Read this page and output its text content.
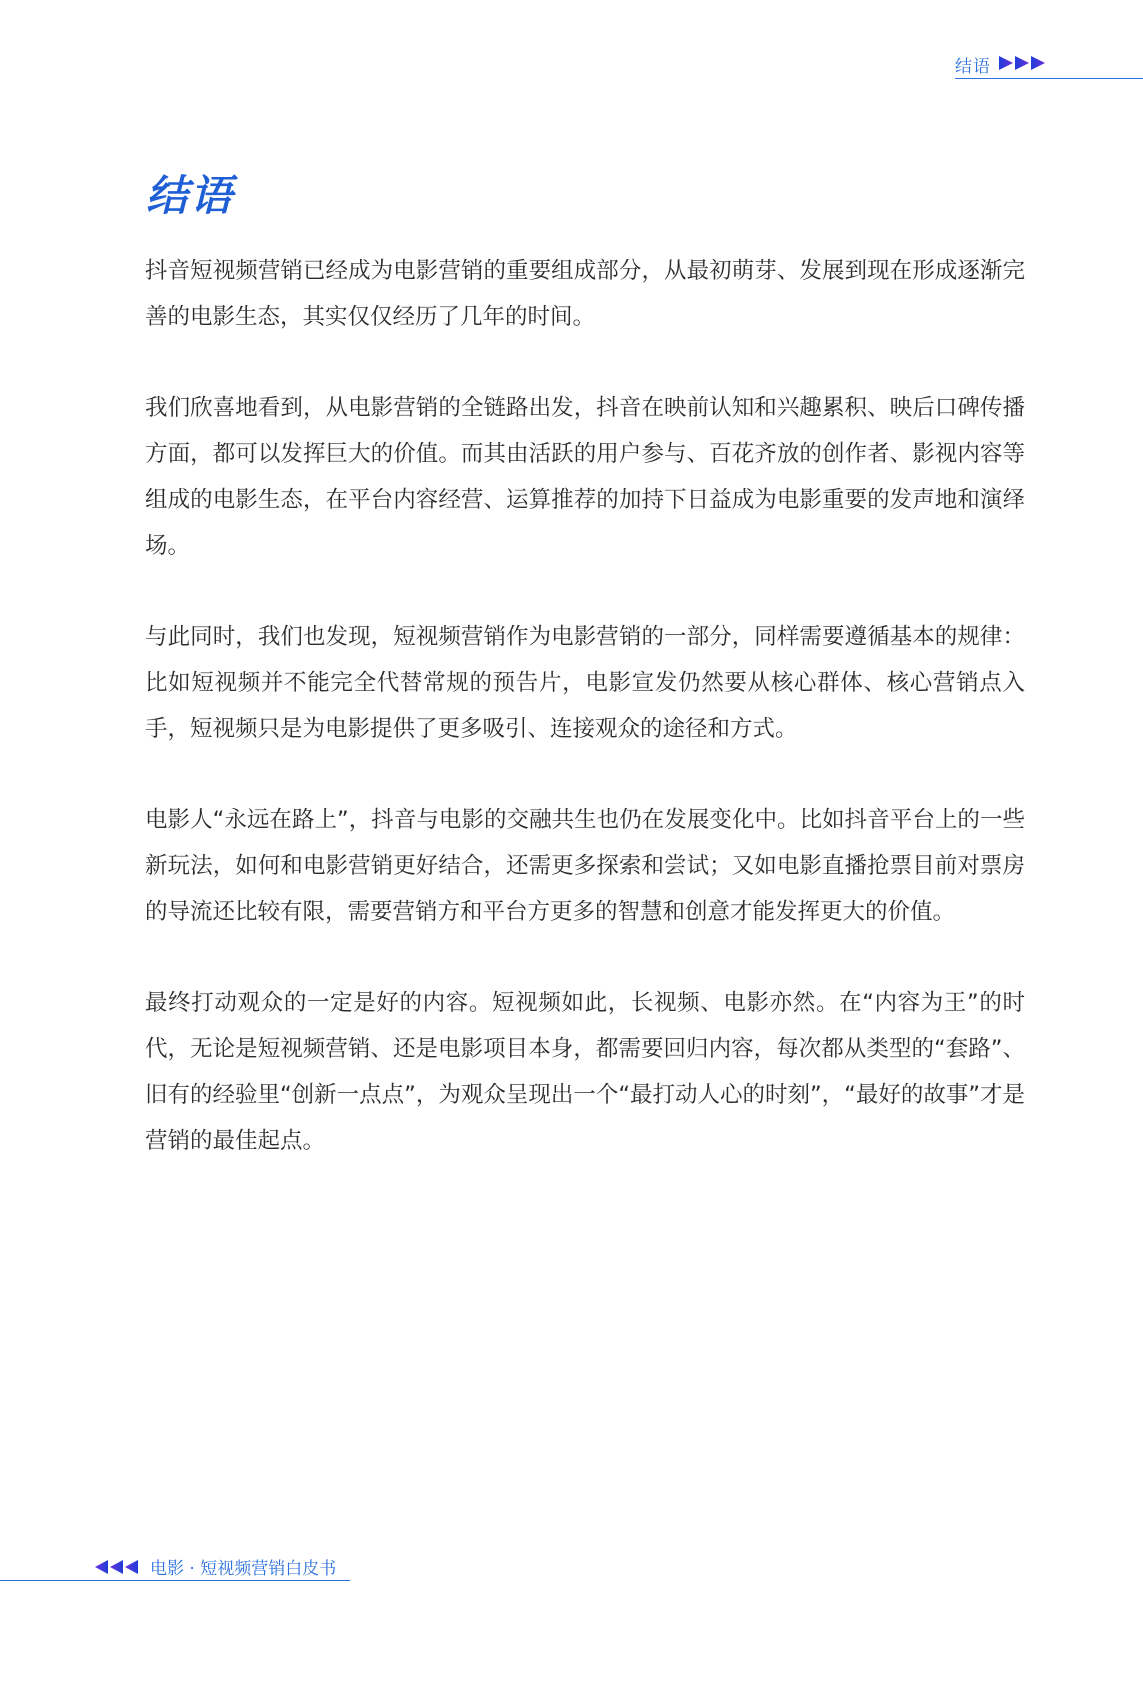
结语
结语

抖音短视频营销已经成为电影营销的重要组成部分，从最初萌芽、发展到现在形成逐渐完善的电影生态，其实仅仅经历了几年的时间。

我们欣喜地看到，从电影营销的全链路出发，抖音在映前认知和兴趣累积、映后口碑传播方面，都可以发挥巨大的价值。而其由活跃的用户参与、百花齐放的创作者、影视内容等组成的电影生态，在平台内容经营、运算推荐的加持下日益成为电影重要的发声地和演绎场。

与此同时，我们也发现，短视频营销作为电影营销的一部分，同样需要遵循基本的规律：比如短视频并不能完全代替常规的预告片，电影宣发仍然要从核心群体、核心营销点入手，短视频只是为电影提供了更多吸引、连接观众的途径和方式。

电影人“永远在路上”，抖音与电影的交融共生也仍在发展变化中。比如抖音平台上的一些新玩法，如何和电影营销更好结合，还需更多探索和尝试；又如电影直播抢票目前对票房的导流还比较有限，需要营销方和平台方更多的智慧和创意才能发挥更大的价值。

最终打动观众的一定是好的内容。短视频如此，长视频、电影亦然。在“内容为王”的时代，无论是短视频营销、还是电影项目本身，都需要回归内容，每次都从类型的“套路”、旧有的经验里“创新一点点”，为观众呈现出一个“最打动人心的时刻”，“最好的故事”才是营销的最佳起点。

电影 · 短视频营销白皮书
